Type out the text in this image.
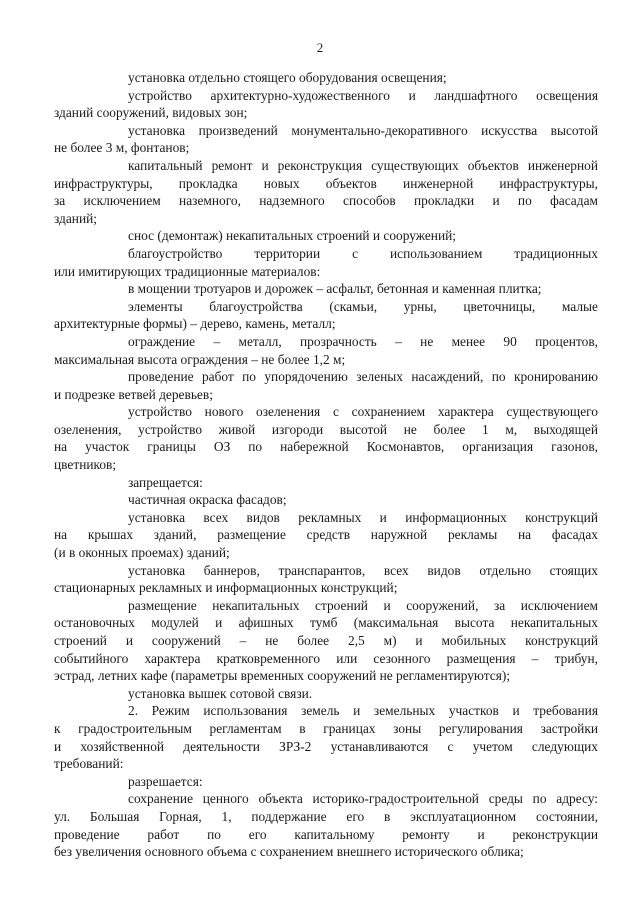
2
установка отдельно стоящего оборудования освещения;
устройство архитектурно-художественного и ландшафтного освещения
зданий сооружений, видовых зон;
установка произведений монументально-декоративного искусства высотой
не более 3 м, фонтанов;
капитальный ремонт и реконструкция существующих объектов инженерной
инфраструктуры, прокладка новых объектов инженерной инфраструктуры,
за исключением наземного, надземного способов прокладки и по фасадам
зданий;
снос (демонтаж) некапитальных строений и сооружений;
благоустройство территории с использованием традиционных
или имитирующих традиционные материалов:
в мощении тротуаров и дорожек – асфальт, бетонная и каменная плитка;
элементы благоустройства (скамьи, урны, цветочницы, малые
архитектурные формы) – дерево, камень, металл;
ограждение – металл, прозрачность – не менее 90 процентов,
максимальная высота ограждения – не более 1,2 м;
проведение работ по упорядочению зеленых насаждений, по кронированию
и подрезке ветвей деревьев;
устройство нового озеленения с сохранением характера существующего
озеленения, устройство живой изгороди высотой не более 1 м, выходящей
на участок границы ОЗ по набережной Космонавтов, организация газонов,
цветников;
запрещается:
частичная окраска фасадов;
установка всех видов рекламных и информационных конструкций
на крышах зданий, размещение средств наружной рекламы на фасадах
(и в оконных проемах) зданий;
установка баннеров, транспарантов, всех видов отдельно стоящих
стационарных рекламных и информационных конструкций;
размещение некапитальных строений и сооружений, за исключением
остановочных модулей и афишных тумб (максимальная высота некапитальных
строений и сооружений – не более 2,5 м) и мобильных конструкций
событийного характера кратковременного или сезонного размещения – трибун,
эстрад, летних кафе (параметры временных сооружений не регламентируются);
установка вышек сотовой связи.
2. Режим использования земель и земельных участков и требования
к градостроительным регламентам в границах зоны регулирования застройки
и хозяйственной деятельности ЗРЗ-2 устанавливаются с учетом следующих
требований:
разрешается:
сохранение ценного объекта историко-градостроительной среды по адресу:
ул. Большая Горная, 1, поддержание его в эксплуатационном состоянии,
проведение работ по его капитальному ремонту и реконструкции
без увеличения основного объема с сохранением внешнего исторического облика;
